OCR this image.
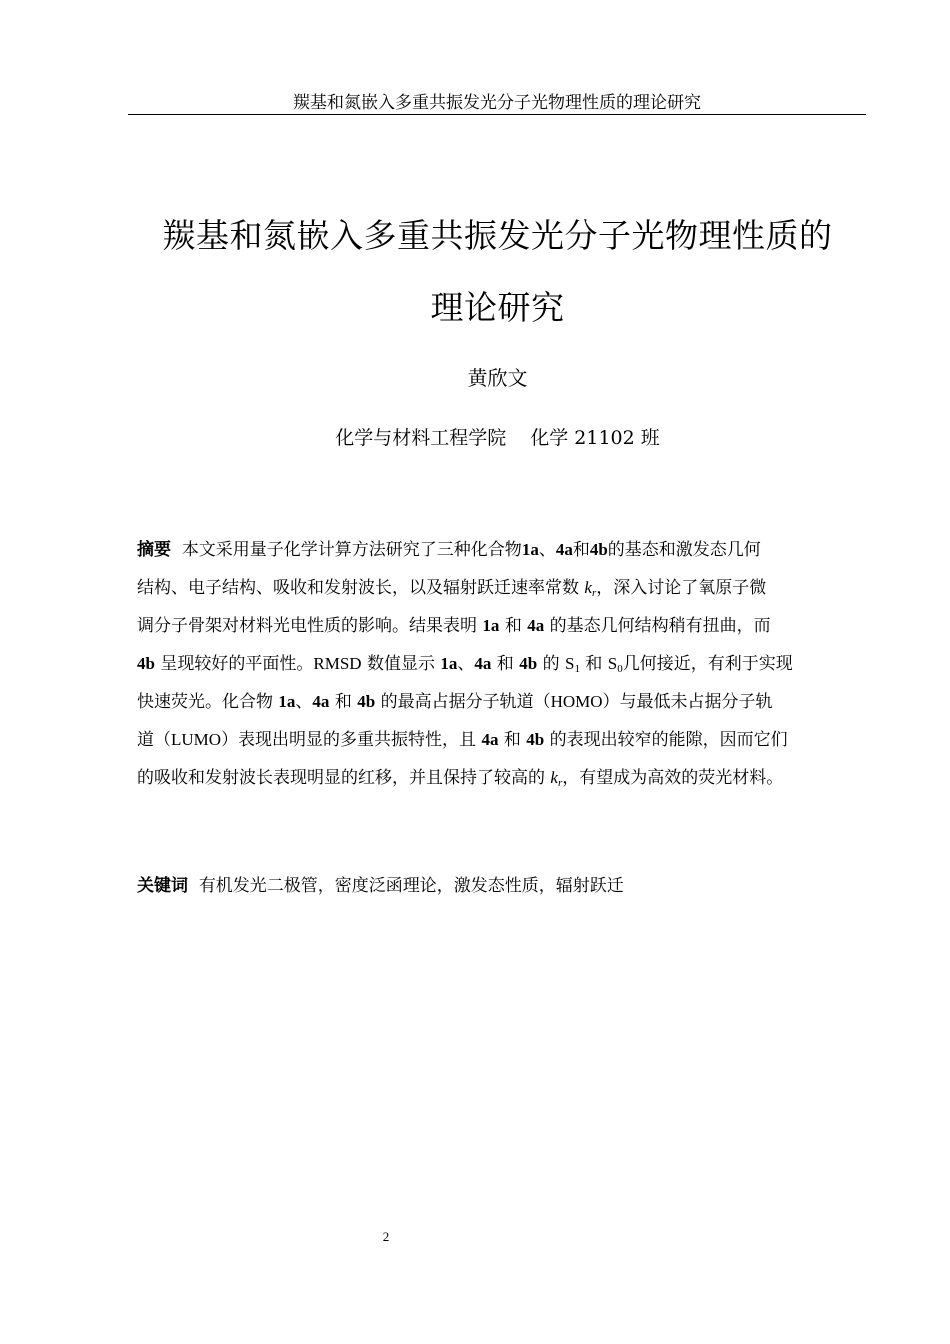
羰基和氮嵌入多重共振发光分子光物理性质的理论研究
羰基和氮嵌入多重共振发光分子光物理性质的
理论研究
黄欣文
化学与材料工程学院 化学 21102 班
摘要 本文采用量子化学计算方法研究了三种化合物1a、4a和4b的基态和激发态几何
结构、电子结构、吸收和发射波长，以及辐射跃迁速率常数 $k_r$，深入讨论了氧原子微
调分子骨架对材料光电性质的影响。结果表明 1a 和 4a 的基态几何结构稍有扭曲，而
4b 呈现较好的平面性。RMSD 数值显示 1a、4a 和 4b 的 $S_1$ 和 $S_0$几何接近，有利于实现
快速荧光。化合物 1a、4a 和 4b 的最高占据分子轨道（HOMO）与最低未占据分子轨
道（LUMO）表现出明显的多重共振特性，且 4a 和 4b 的表现出较窄的能隙，因而它们
的吸收和发射波长表现明显的红移，并且保持了较高的 $k_r$，有望成为高效的荧光材料。
关键词 有机发光二极管，密度泛函理论，激发态性质，辐射跃迁
2
